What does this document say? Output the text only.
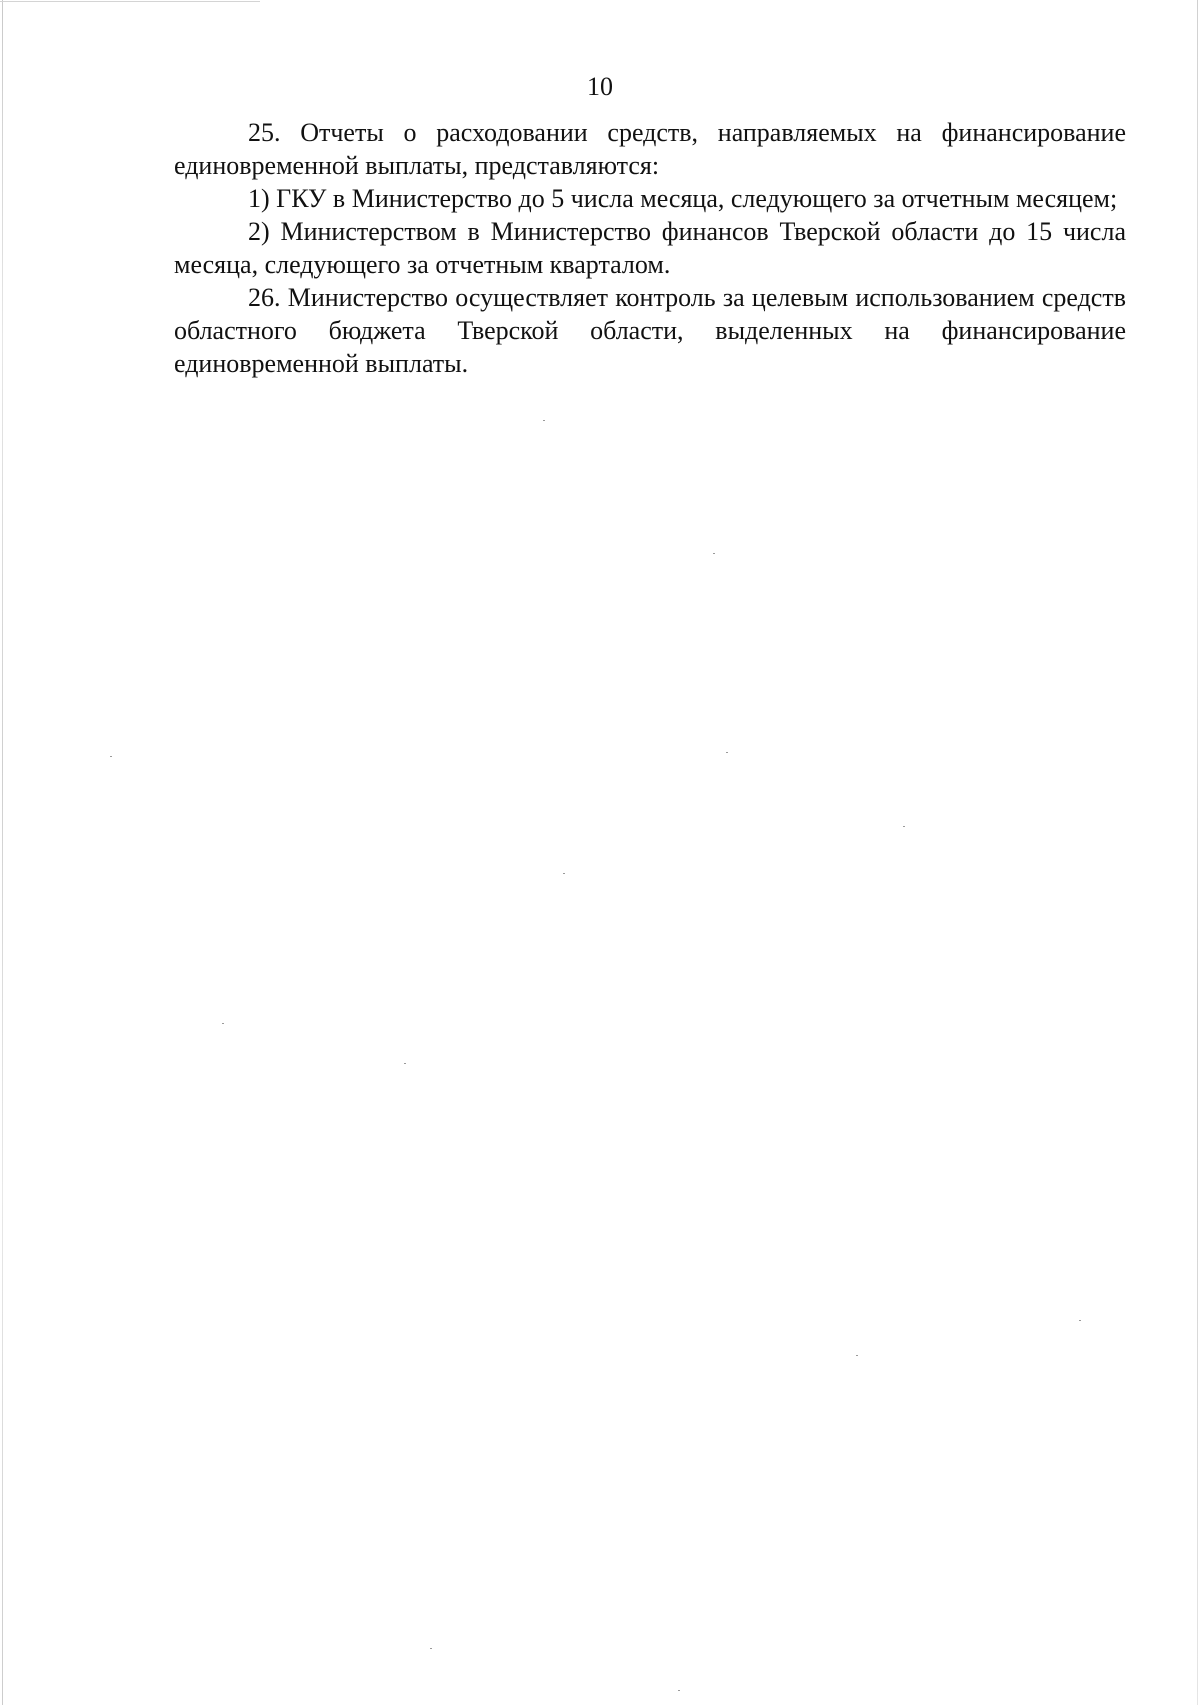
10

25. Отчеты о расходовании средств, направляемых на финансирование единовременной выплаты, представляются:

1) ГКУ в Министерство до 5 числа месяца, следующего за отчетным месяцем;

2) Министерством в Министерство финансов Тверской области до 15 числа месяца, следующего за отчетным кварталом.

26. Министерство осуществляет контроль за целевым использованием средств областного бюджета Тверской области, выделенных на финансирование единовременной выплаты.
